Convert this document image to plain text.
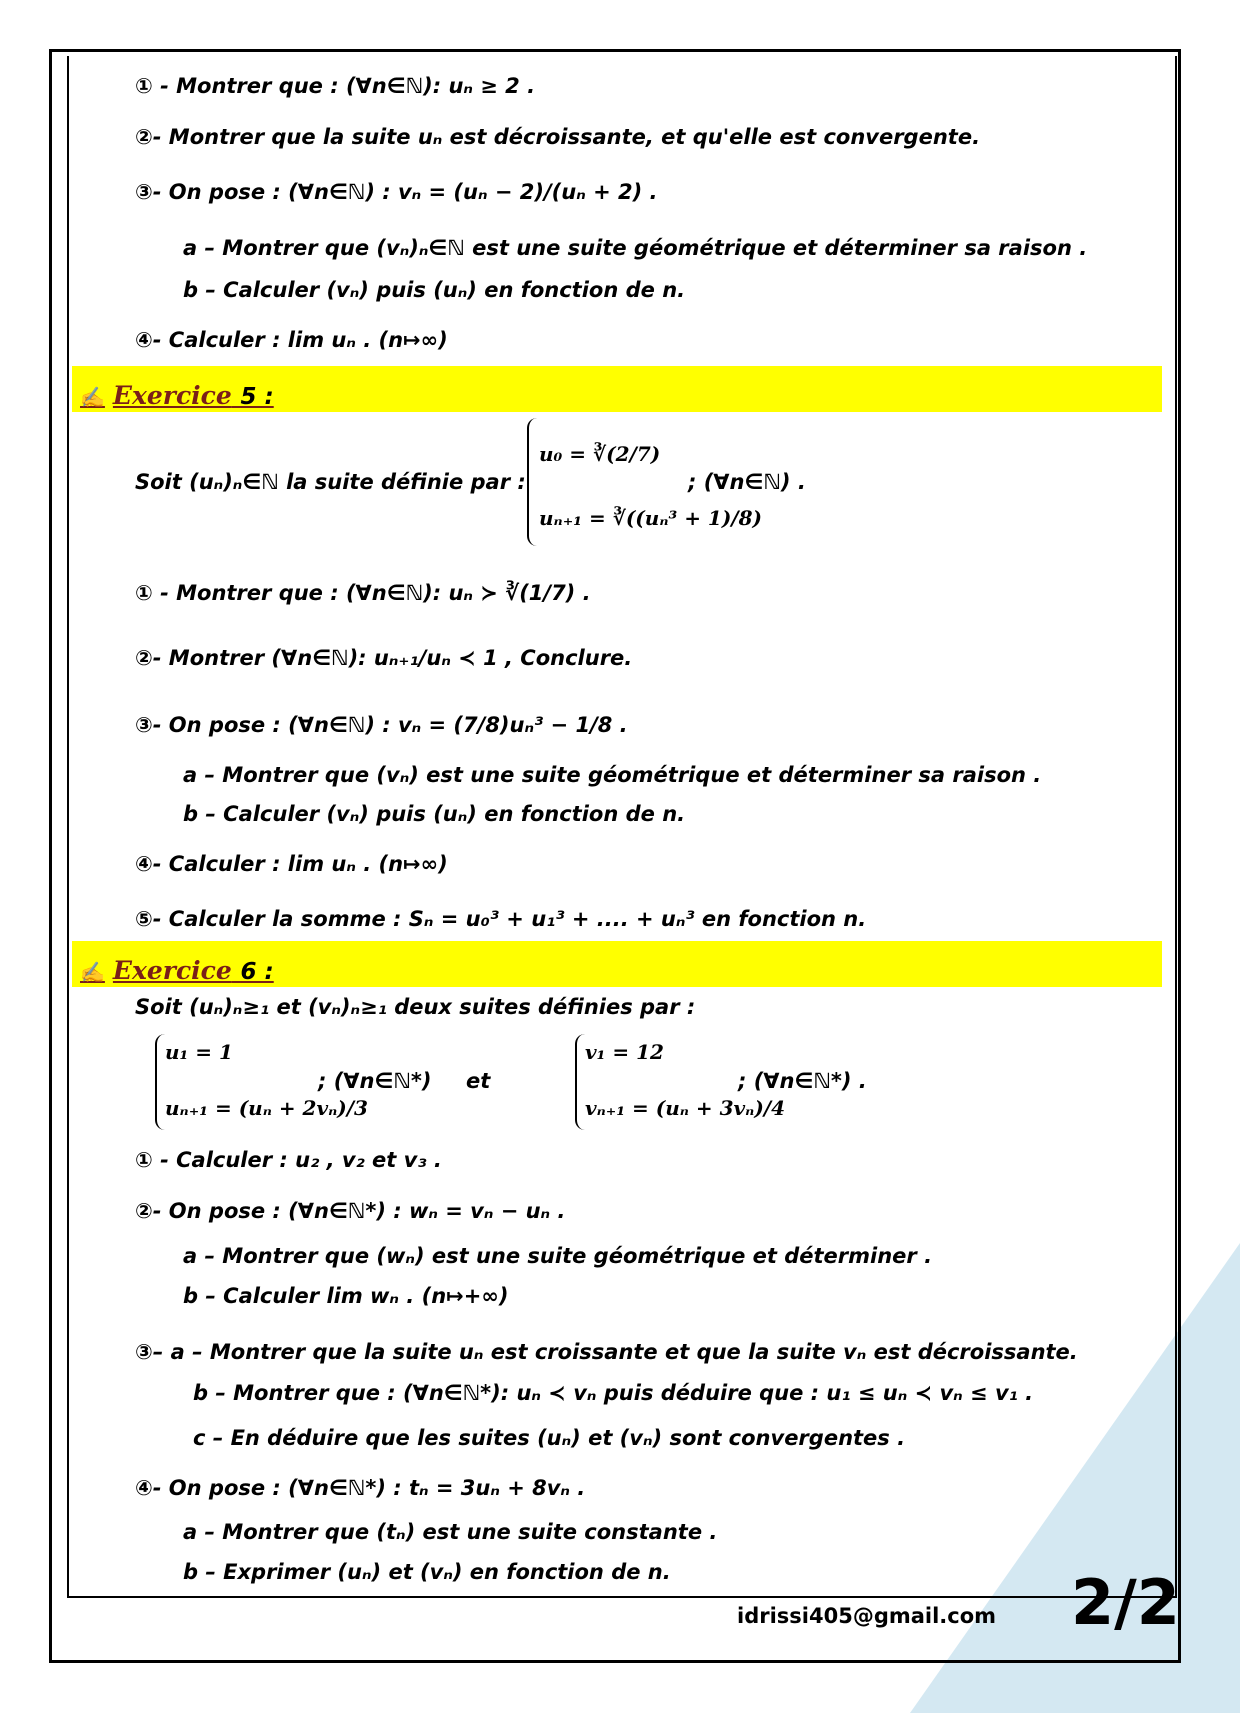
① - Montrer que : (∀n∈ℕ): uₙ ≥ 2 .
②- Montrer que la suite uₙ est décroissante, et qu'elle est convergente.
③- On pose : (∀n∈ℕ) : vₙ = (uₙ − 2)/(uₙ + 2) .
a – Montrer que (vₙ)ₙ∈ℕ est une suite géométrique et déterminer sa raison .
b – Calculer (vₙ) puis (uₙ) en fonction de n.
④- Calculer : lim uₙ . (n↦∞)
✍ Exercice 5 :
Soit (uₙ)ₙ∈ℕ la suite définie par :
u₀ = ∛(2/7)
uₙ₊₁ = ∛((uₙ³ + 1)/8)
; (∀n∈ℕ) .
① - Montrer que : (∀n∈ℕ): uₙ ≻ ∛(1/7) .
②- Montrer (∀n∈ℕ): uₙ₊₁/uₙ ≺ 1 , Conclure.
③- On pose : (∀n∈ℕ) : vₙ = (7/8)uₙ³ − 1/8 .
a – Montrer que (vₙ) est une suite géométrique et déterminer sa raison .
b – Calculer (vₙ) puis (uₙ) en fonction de n.
④- Calculer : lim uₙ . (n↦∞)
⑤- Calculer la somme : Sₙ = u₀³ + u₁³ + .... + uₙ³ en fonction n.
✍ Exercice 6 :
Soit (uₙ)ₙ≥₁ et (vₙ)ₙ≥₁ deux suites définies par :
u₁ = 1
uₙ₊₁ = (uₙ + 2vₙ)/3
; (∀n∈ℕ*) et
v₁ = 12
vₙ₊₁ = (uₙ + 3vₙ)/4
; (∀n∈ℕ*) .
① - Calculer : u₂ , v₂ et v₃ .
②- On pose : (∀n∈ℕ*) : wₙ = vₙ − uₙ .
a – Montrer que (wₙ) est une suite géométrique et déterminer .
b – Calculer lim wₙ . (n↦+∞)
③– a – Montrer que la suite uₙ est croissante et que la suite vₙ est décroissante.
b – Montrer que : (∀n∈ℕ*): uₙ ≺ vₙ puis déduire que : u₁ ≤ uₙ ≺ vₙ ≤ v₁ .
c – En déduire que les suites (uₙ) et (vₙ) sont convergentes .
④- On pose : (∀n∈ℕ*) : tₙ = 3uₙ + 8vₙ .
a – Montrer que (tₙ) est une suite constante .
b – Exprimer (uₙ) et (vₙ) en fonction de n.
idrissi405@gmail.com 2/2
